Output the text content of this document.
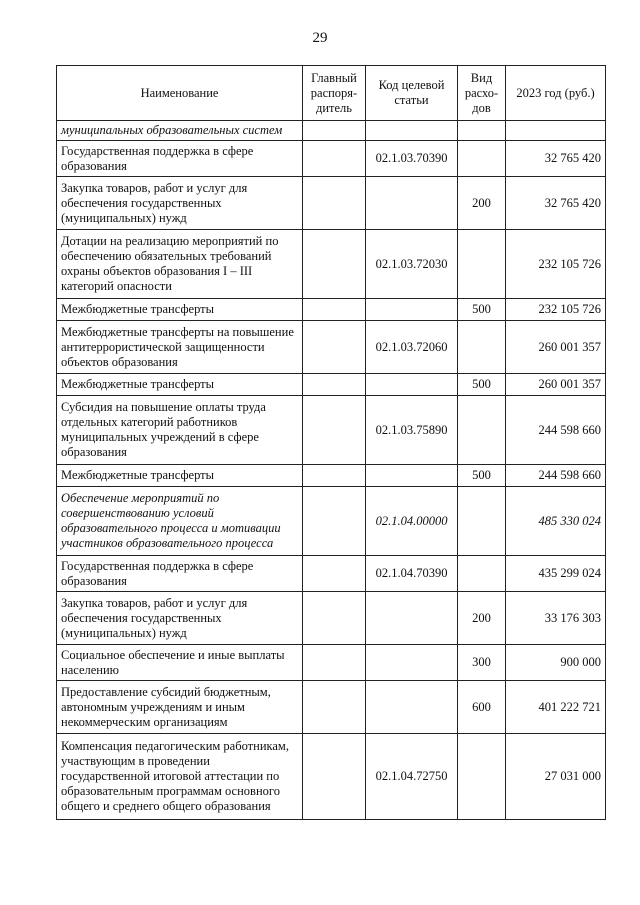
29
Наименование	Главный распоря-дитель	Код целевой статьи	Вид расхо-дов	2023 год (руб.)
муниципальных образовательных систем				
Государственная поддержка в сфере образования		02.1.03.70390		32 765 420
Закупка товаров, работ и услуг для обеспечения государственных (муниципальных) нужд			200	32 765 420
Дотации на реализацию мероприятий по обеспечению обязательных требований охраны объектов образования I – III категорий опасности		02.1.03.72030		232 105 726
Межбюджетные трансферты			500	232 105 726
Межбюджетные трансферты на повышение антитеррористической защищенности объектов образования		02.1.03.72060		260 001 357
Межбюджетные трансферты			500	260 001 357
Субсидия на повышение оплаты труда отдельных категорий работников муниципальных учреждений в сфере образования		02.1.03.75890		244 598 660
Межбюджетные трансферты			500	244 598 660
Обеспечение мероприятий по совершенствованию условий образовательного процесса и мотивации участников образовательного процесса		02.1.04.00000		485 330 024
Государственная поддержка в сфере образования		02.1.04.70390		435 299 024
Закупка товаров, работ и услуг для обеспечения государственных (муниципальных) нужд			200	33 176 303
Социальное обеспечение и иные выплаты населению			300	900 000
Предоставление субсидий бюджетным, автономным учреждениям и иным некоммерческим организациям			600	401 222 721
Компенсация педагогическим работникам, участвующим в проведении государственной итоговой аттестации по образовательным программам основного общего и среднего общего образования		02.1.04.72750		27 031 000
